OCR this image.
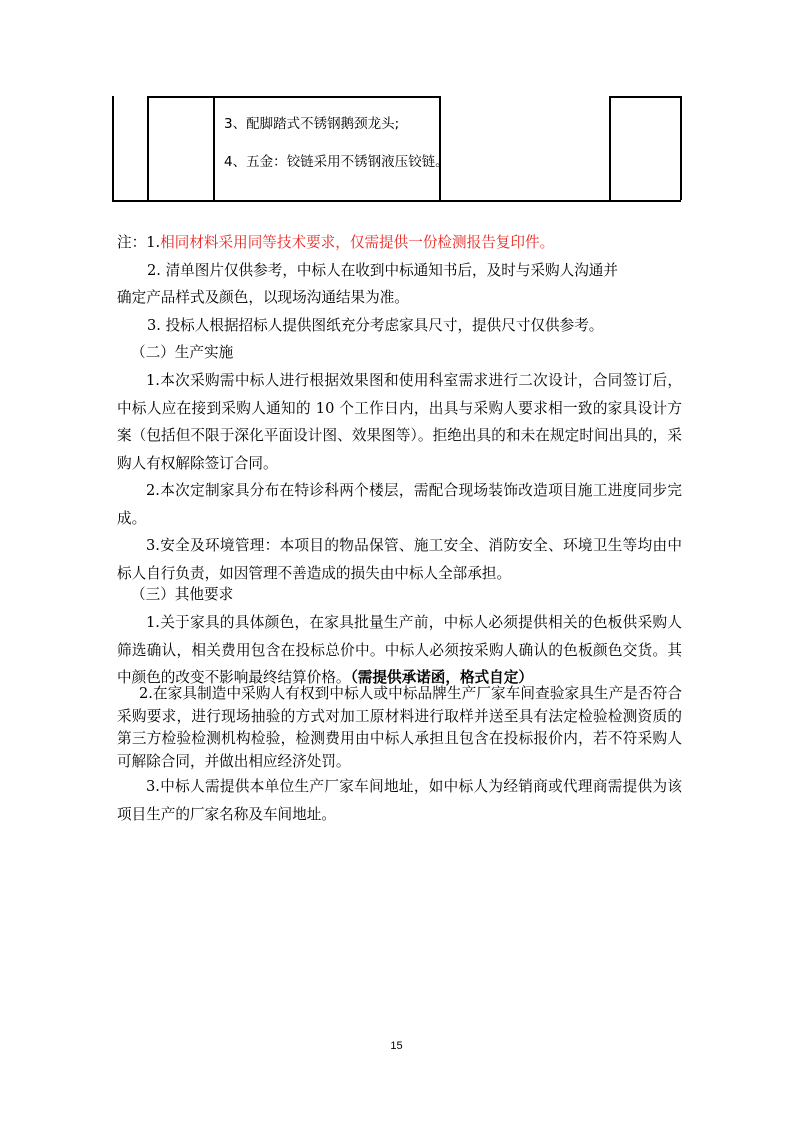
3、配脚踏式不锈钢鹅颈龙头;
4、五金：铰链采用不锈钢液压铰链。

注：1.相同材料采用同等技术要求，仅需提供一份检测报告复印件。

2. 清单图片仅供参考，中标人在收到中标通知书后，及时与采购人沟通并

确定产品样式及颜色，以现场沟通结果为准。

3. 投标人根据招标人提供图纸充分考虑家具尺寸，提供尺寸仅供参考。

（二）生产实施

1.本次采购需中标人进行根据效果图和使用科室需求进行二次设计，合同签订后，中标人应在接到采购人通知的 10 个工作日内，出具与采购人要求相一致的家具设计方案（包括但不限于深化平面设计图、效果图等）。拒绝出具的和未在规定时间出具的，采购人有权解除签订合同。

2.本次定制家具分布在特诊科两个楼层，需配合现场装饰改造项目施工进度同步完成。

3.安全及环境管理：本项目的物品保管、施工安全、消防安全、环境卫生等均由中标人自行负责，如因管理不善造成的损失由中标人全部承担。

（三）其他要求

1.关于家具的具体颜色，在家具批量生产前，中标人必须提供相关的色板供采购人筛选确认，相关费用包含在投标总价中。中标人必须按采购人确认的色板颜色交货。其中颜色的改变不影响最终结算价格。（需提供承诺函，格式自定）

2.在家具制造中采购人有权到中标人或中标品牌生产厂家车间查验家具生产是否符合采购要求，进行现场抽验的方式对加工原材料进行取样并送至具有法定检验检测资质的第三方检验检测机构检验，检测费用由中标人承担且包含在投标报价内，若不符采购人可解除合同，并做出相应经济处罚。

3.中标人需提供本单位生产厂家车间地址，如中标人为经销商或代理商需提供为该项目生产的厂家名称及车间地址。

15
